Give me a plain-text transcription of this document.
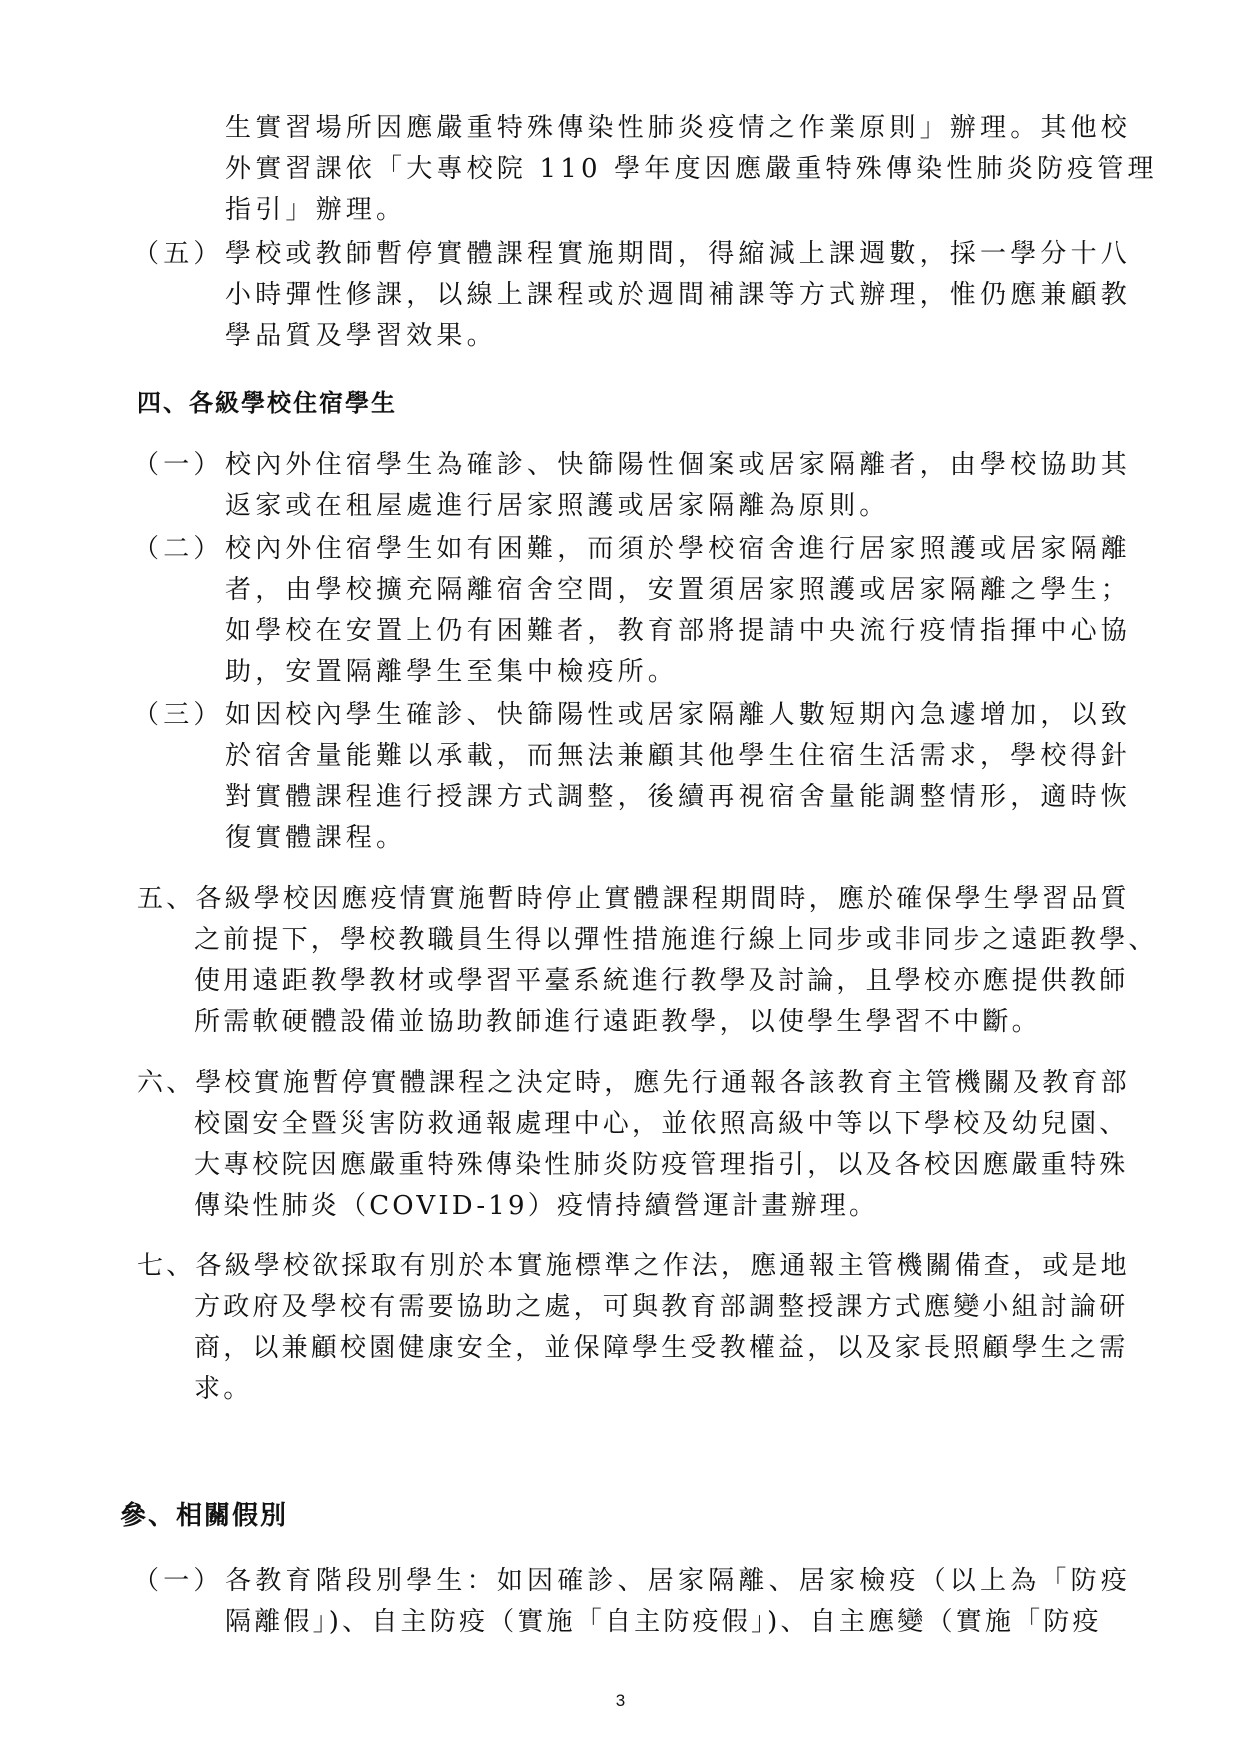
生實習場所因應嚴重特殊傳染性肺炎疫情之作業原則」辦理。其他校
外實習課依「大專校院 110 學年度因應嚴重特殊傳染性肺炎防疫管理
指引」辦理。
（五） 學校或教師暫停實體課程實施期間，得縮減上課週數，採一學分十八
小時彈性修課，以線上課程或於週間補課等方式辦理，惟仍應兼顧教
學品質及學習效果。
四、各級學校住宿學生
（一） 校內外住宿學生為確診、快篩陽性個案或居家隔離者，由學校協助其
返家或在租屋處進行居家照護或居家隔離為原則。
（二） 校內外住宿學生如有困難，而須於學校宿舍進行居家照護或居家隔離
者，由學校擴充隔離宿舍空間，安置須居家照護或居家隔離之學生；
如學校在安置上仍有困難者，教育部將提請中央流行疫情指揮中心協
助，安置隔離學生至集中檢疫所。
（三） 如因校內學生確診、快篩陽性或居家隔離人數短期內急遽增加，以致
於宿舍量能難以承載，而無法兼顧其他學生住宿生活需求，學校得針
對實體課程進行授課方式調整，後續再視宿舍量能調整情形，適時恢
復實體課程。
五、各級學校因應疫情實施暫時停止實體課程期間時，應於確保學生學習品質
之前提下，學校教職員生得以彈性措施進行線上同步或非同步之遠距教學、
使用遠距教學教材或學習平臺系統進行教學及討論，且學校亦應提供教師
所需軟硬體設備並協助教師進行遠距教學，以使學生學習不中斷。
六、學校實施暫停實體課程之決定時，應先行通報各該教育主管機關及教育部
校園安全暨災害防救通報處理中心，並依照高級中等以下學校及幼兒園、
大專校院因應嚴重特殊傳染性肺炎防疫管理指引，以及各校因應嚴重特殊
傳染性肺炎（COVID-19）疫情持續營運計畫辦理。
七、各級學校欲採取有別於本實施標準之作法，應通報主管機關備查，或是地
方政府及學校有需要協助之處，可與教育部調整授課方式應變小組討論研
商，以兼顧校園健康安全，並保障學生受教權益，以及家長照顧學生之需
求。
參、相關假別
（一） 各教育階段別學生：如因確診、居家隔離、居家檢疫（以上為「防疫
隔離假」)、自主防疫（實施「自主防疫假」)、自主應變（實施「防疫
3
